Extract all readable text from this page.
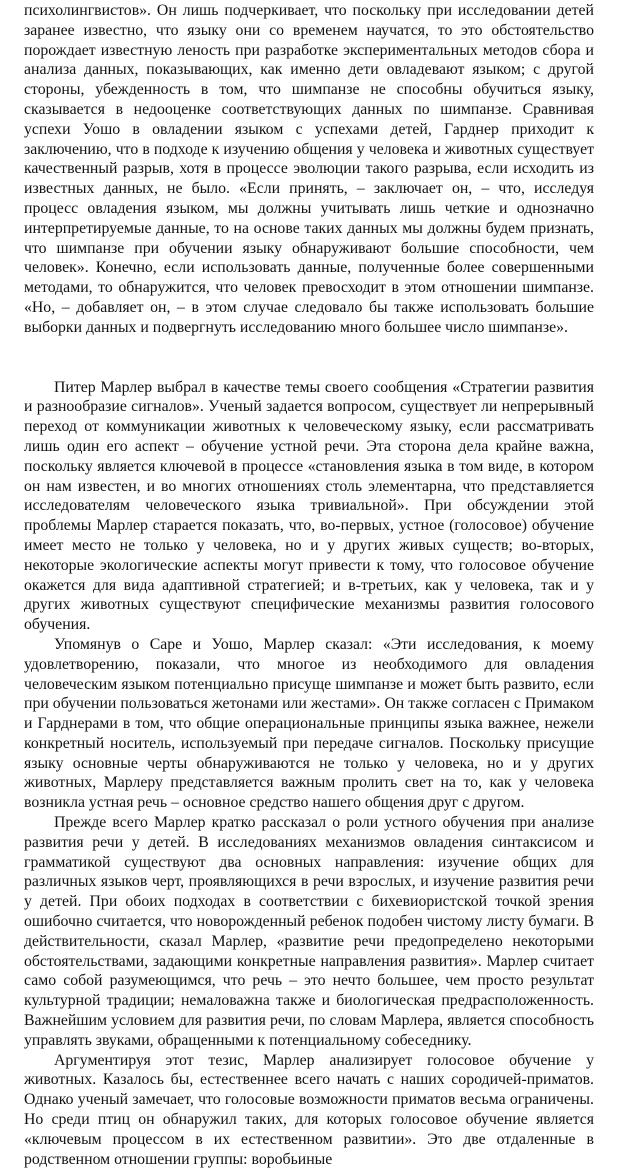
психолингвистов». Он лишь подчеркивает, что поскольку при исследовании детей заранее известно, что языку они со временем научатся, то это обстоятельство порождает известную леность при разработке экспериментальных методов сбора и анализа данных, показывающих, как именно дети овладевают языком; с другой стороны, убежденность в том, что шимпанзе не способны обучиться языку, сказывается в недооценке соответствующих данных по шимпанзе. Сравнивая успехи Уошо в овладении языком с успехами детей, Гарднер приходит к заключению, что в подходе к изучению общения у человека и животных существует качественный разрыв, хотя в процессе эволюции такого разрыва, если исходить из известных данных, не было. «Если принять, – заключает он, – что, исследуя процесс овладения языком, мы должны учитывать лишь четкие и однозначно интерпретируемые данные, то на основе таких данных мы должны будем признать, что шимпанзе при обучении языку обнаруживают большие способности, чем человек». Конечно, если использовать данные, полученные более совершенными методами, то обнаружится, что человек превосходит в этом отношении шимпанзе. «Но, – добавляет он, – в этом случае следовало бы также использовать большие выборки данных и подвергнуть исследованию много большее число шимпанзе».

Питер Марлер выбрал в качестве темы своего сообщения «Стратегии развития и разнообразие сигналов». Ученый задается вопросом, существует ли непрерывный переход от коммуникации животных к человеческому языку, если рассматривать лишь один его аспект – обучение устной речи. Эта сторона дела крайне важна, поскольку является ключевой в процессе «становления языка в том виде, в котором он нам известен, и во многих отношениях столь элементарна, что представляется исследователям человеческого языка тривиальной». При обсуждении этой проблемы Марлер старается показать, что, во-первых, устное (голосовое) обучение имеет место не только у человека, но и у других живых существ; во-вторых, некоторые экологические аспекты могут привести к тому, что голосовое обучение окажется для вида адаптивной стратегией; и в-третьих, как у человека, так и у других животных существуют специфические механизмы развития голосового обучения.

Упомянув о Саре и Уошо, Марлер сказал: «Эти исследования, к моему удовлетворению, показали, что многое из необходимого для овладения человеческим языком потенциально присуще шимпанзе и может быть развито, если при обучении пользоваться жетонами или жестами». Он также согласен с Примаком и Гарднерами в том, что общие операциональные принципы языка важнее, нежели конкретный носитель, используемый при передаче сигналов. Поскольку присущие языку основные черты обнаруживаются не только у человека, но и у других животных, Марлеру представляется важным пролить свет на то, как у человека возникла устная речь – основное средство нашего общения друг с другом.

Прежде всего Марлер кратко рассказал о роли устного обучения при анализе развития речи у детей. В исследованиях механизмов овладения синтаксисом и грамматикой существуют два основных направления: изучение общих для различных языков черт, проявляющихся в речи взрослых, и изучение развития речи у детей. При обоих подходах в соответствии с бихевиористской точкой зрения ошибочно считается, что новорожденный ребенок подобен чистому листу бумаги. В действительности, сказал Марлер, «развитие речи предопределено некоторыми обстоятельствами, задающими конкретные направления развития». Марлер считает само собой разумеющимся, что речь – это нечто большее, чем просто результат культурной традиции; немаловажна также и биологическая предрасположенность. Важнейшим условием для развития речи, по словам Марлера, является способность управлять звуками, обращенными к потенциальному собеседнику.

Аргументируя этот тезис, Марлер анализирует голосовое обучение у животных. Казалось бы, естественнее всего начать с наших сородичей-приматов. Однако ученый замечает, что голосовые возможности приматов весьма ограничены. Но среди птиц он обнаружил таких, для которых голосовое обучение является «ключевым процессом в их естественном развитии». Это две отдаленные в родственном отношении группы: воробьиные
